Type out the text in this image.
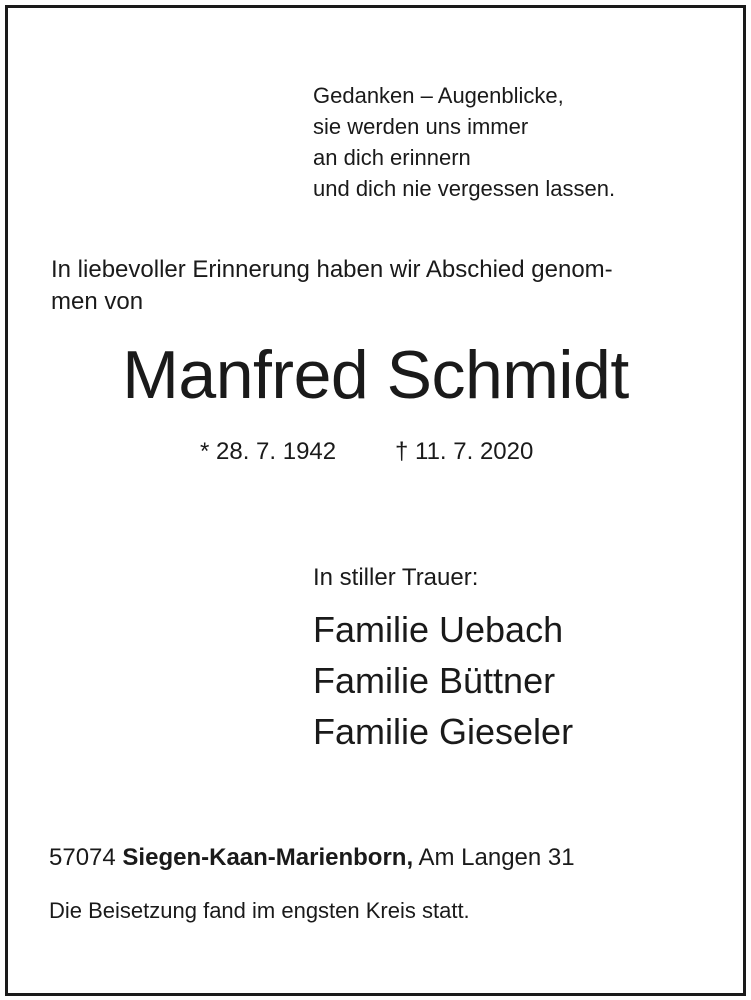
Gedanken – Augenblicke,
sie werden uns immer
an dich erinnern
und dich nie vergessen lassen.
In liebevoller Erinnerung haben wir Abschied genom-
men von
Manfred Schmidt
* 28. 7. 1942 † 11. 7. 2020
In stiller Trauer:
Familie Uebach
Familie Büttner
Familie Gieseler
57074 Siegen-Kaan-Marienborn, Am Langen 31
Die Beisetzung fand im engsten Kreis statt.
